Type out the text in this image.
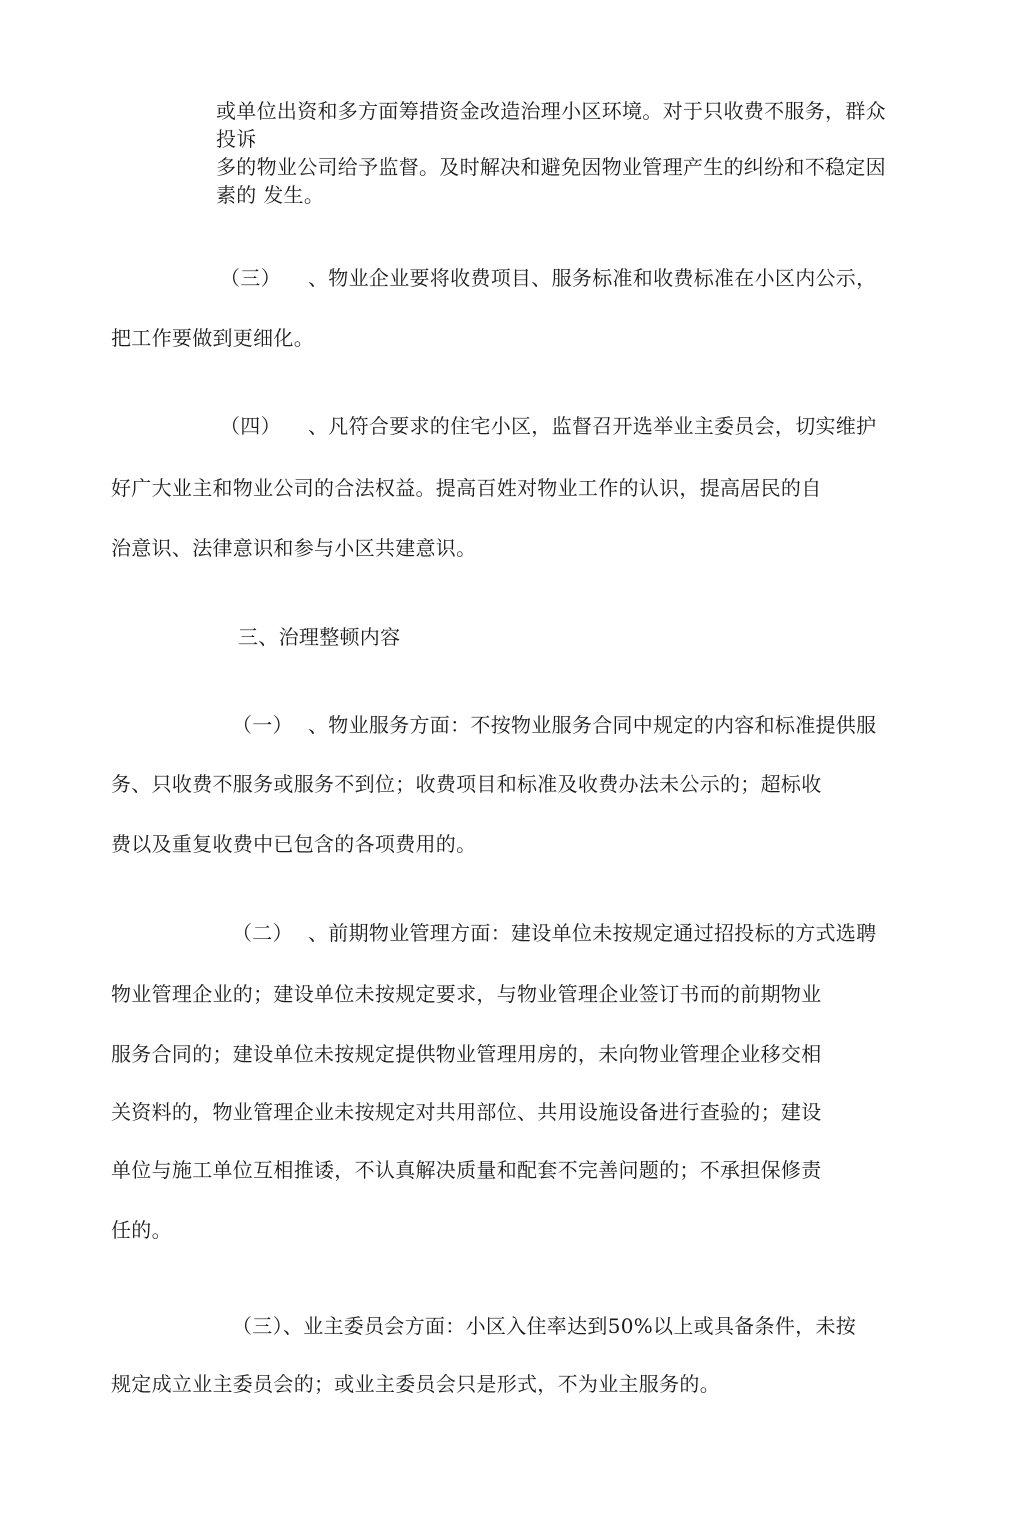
或单位出资和多方面筹措资金改造治理小区环境。对于只收费不服务，群众
投诉
多的物业公司给予监督。及时解决和避免因物业管理产生的纠纷和不稳定因
素的 发生。
（三） 、物业企业要将收费项目、服务标准和收费标准在小区内公示，
把工作要做到更细化。
（四） 、凡符合要求的住宅小区，监督召开选举业主委员会，切实维护
好广大业主和物业公司的合法权益。提高百姓对物业工作的认识，提高居民的自
治意识、法律意识和参与小区共建意识。
三、治理整顿内容
（一） 、物业服务方面：不按物业服务合同中规定的内容和标准提供服
务、只收费不服务或服务不到位；收费项目和标准及收费办法未公示的；超标收
费以及重复收费中已包含的各项费用的。
（二） 、前期物业管理方面：建设单位未按规定通过招投标的方式选聘
物业管理企业的；建设单位未按规定要求，与物业管理企业签订书而的前期物业
服务合同的；建设单位未按规定提供物业管理用房的，未向物业管理企业移交相
关资料的，物业管理企业未按规定对共用部位、共用设施设备进行查验的；建设
单位与施工单位互相推诿，不认真解决质量和配套不完善问题的；不承担保修责
任的。
（三）、业主委员会方面：小区入住率达到50%以上或具备条件，未按
规定成立业主委员会的；或业主委员会只是形式，不为业主服务的。
